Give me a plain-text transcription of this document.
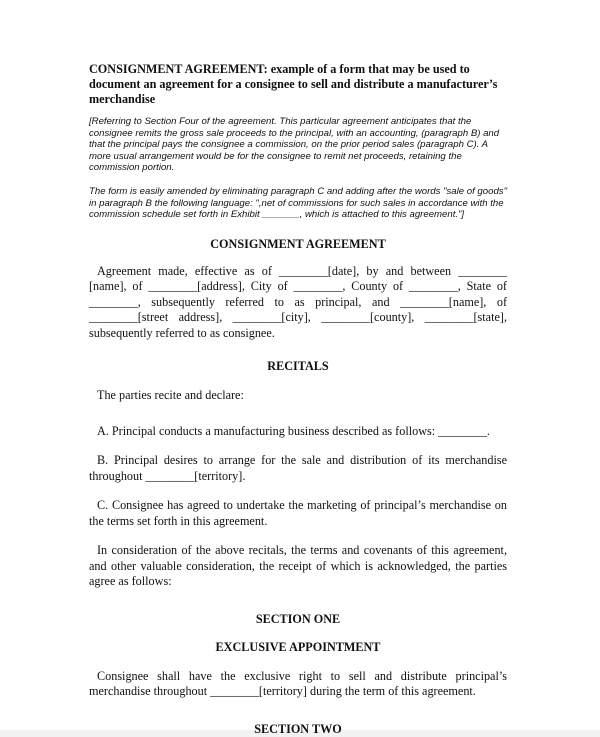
CONSIGNMENT AGREEMENT: example of a form that may be used to document an agreement for a consignee to sell and distribute a manufacturer’s merchandise

[Referring to Section Four of the agreement. This particular agreement anticipates that the consignee remits the gross sale proceeds to the principal, with an accounting, (paragraph B) and that the principal pays the consignee a commission, on the prior period sales (paragraph C). A more usual arrangement would be for the consignee to remit net proceeds, retaining the commission portion.

The form is easily amended by eliminating paragraph C and adding after the words "sale of goods" in paragraph B the following language: ",net of commissions for such sales in accordance with the commission schedule set forth in Exhibit _______, which is attached to this agreement."]

CONSIGNMENT AGREEMENT

Agreement made, effective as of ________[date], by and between ________ [name], of ________[address], City of ________, County of ________, State of ________, subsequently referred to as principal, and ________[name], of ________[street address], ________[city], ________[county], ________[state], subsequently referred to as consignee.

RECITALS

The parties recite and declare:

A. Principal conducts a manufacturing business described as follows: ________.

B. Principal desires to arrange for the sale and distribution of its merchandise throughout ________[territory].

C. Consignee has agreed to undertake the marketing of principal’s merchandise on the terms set forth in this agreement.

In consideration of the above recitals, the terms and covenants of this agreement, and other valuable consideration, the receipt of which is acknowledged, the parties agree as follows:

SECTION ONE
EXCLUSIVE APPOINTMENT

Consignee shall have the exclusive right to sell and distribute principal’s merchandise throughout ________[territory] during the term of this agreement.

SECTION TWO
